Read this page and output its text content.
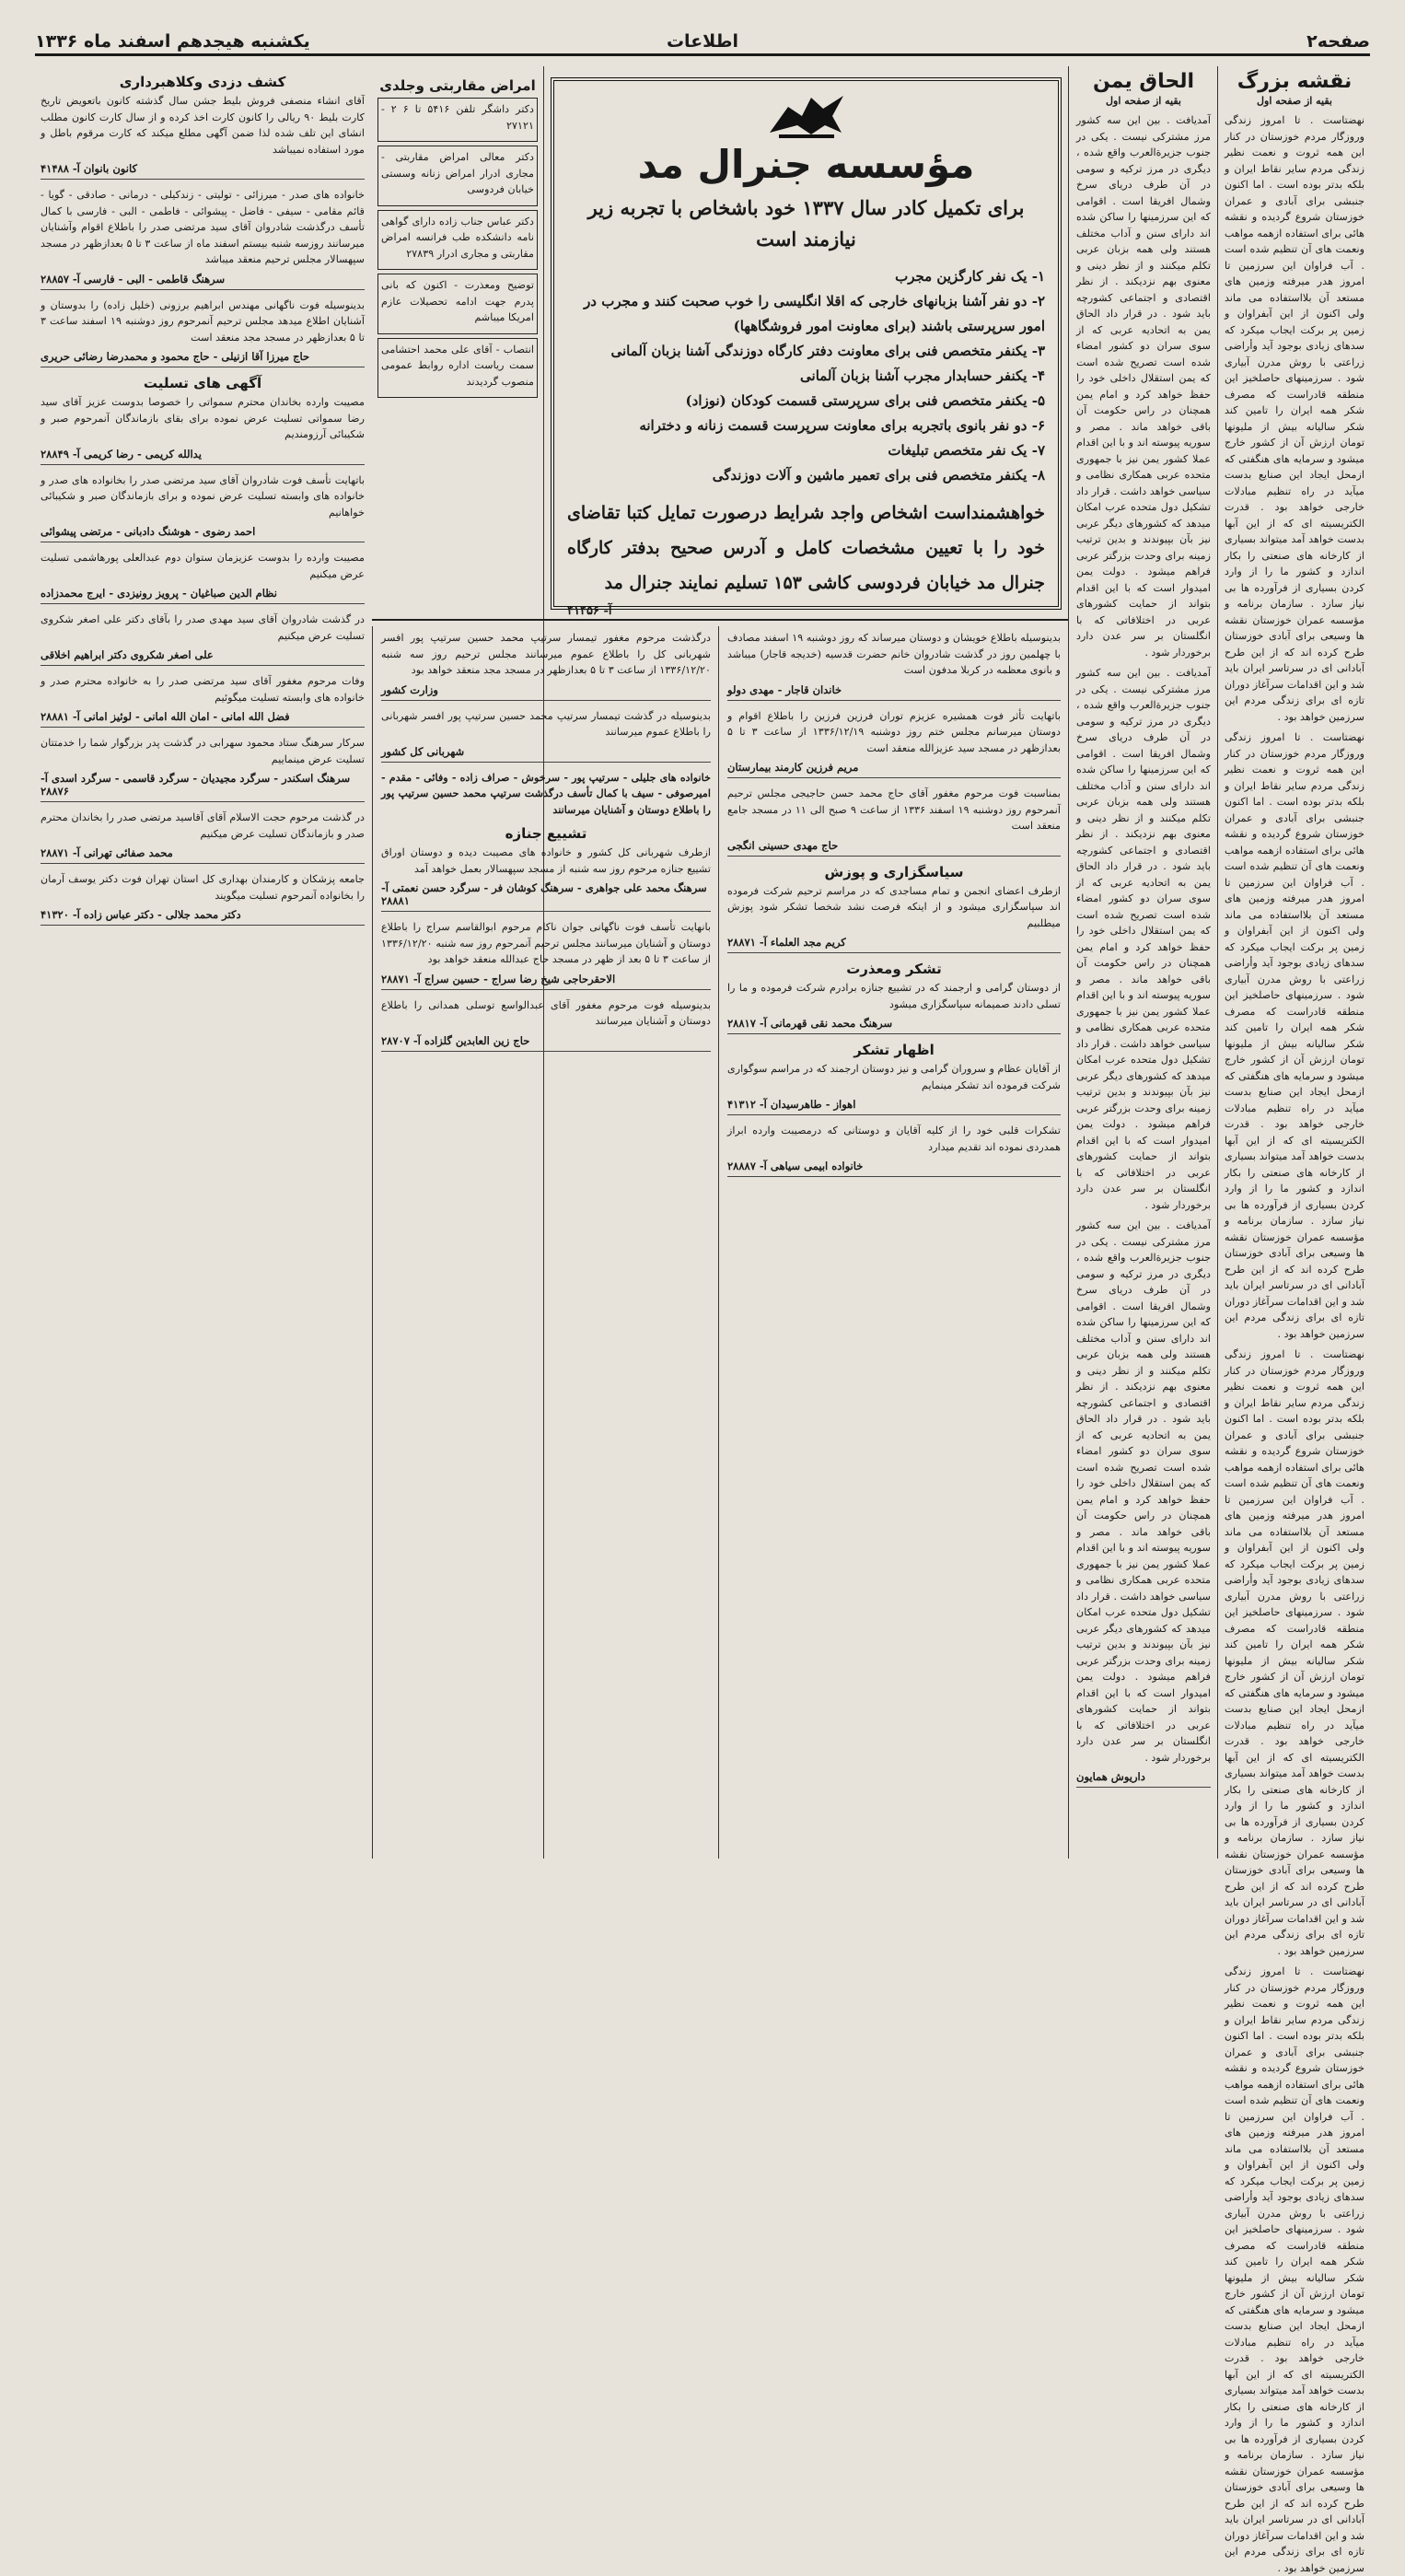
صفحه۲
اطلاعات
یکشنبه هیجدهم اسفند ماه ۱۳۳۶
نقشه بزرگ
بقیه از صفحه اول

نهضتاست . تا امروز زندگی وروزگار مردم خوزستان در کنار این همه ثروت و نعمت نظیر زندگی مردم سایر نقاط ایران و بلکه بدتر بوده است . اما اکنون جنبشی برای آبادی و عمران خوزستان شروع گردیده و نقشه هائی برای استفاده ازهمه مواهب ونعمت های آن تنظیم شده است . آب فراوان این سرزمین تا امروز هدر میرفته وزمین های مستعد آن بلااستفاده می ماند ولی اکنون از این آبفراوان و زمین پر برکت ایجاب میکرد که سدهای زیادی بوجود آید وأراضی زراعتی با روش مدرن آبیاری شود . سرزمینهای حاصلخیز این منطقه قادراست که مصرف شکر همه ایران را تامین کند شکر سالیانه بیش از ملیونها تومان ارزش آن از کشور خارج میشود و سرمایه های هنگفتی که ازمحل ایجاد این صنایع بدست میآید در راه تنظیم مبادلات خارجی خواهد بود . قدرت الکتریسیته ای که از این آبها بدست خواهد آمد میتواند بسیاری از کارخانه های صنعتی را بکار اندازد و کشور ما را از وارد کردن بسیاری از فرآورده ها بی نیاز سازد . سازمان برنامه و مؤسسه عمران خوزستان نقشه ها وسیعی برای آبادی خوزستان طرح کرده اند که از این طرح آبادانی ای در سرتاسر ایران باید شد و این اقدامات سرآغاز دوران تازه ای برای زندگی مردم این سرزمین خواهد بود .

نهضتاست . تا امروز زندگی وروزگار مردم خوزستان در کنار این همه ثروت و نعمت نظیر زندگی مردم سایر نقاط ایران و بلکه بدتر بوده است . اما اکنون جنبشی برای آبادی و عمران خوزستان شروع گردیده و نقشه هائی برای استفاده ازهمه مواهب ونعمت های آن تنظیم شده است . آب فراوان این سرزمین تا امروز هدر میرفته وزمین های مستعد آن بلااستفاده می ماند ولی اکنون از این آبفراوان و زمین پر برکت ایجاب میکرد که سدهای زیادی بوجود آید وأراضی زراعتی با روش مدرن آبیاری شود . سرزمینهای حاصلخیز این منطقه قادراست که مصرف شکر همه ایران را تامین کند شکر سالیانه بیش از ملیونها تومان ارزش آن از کشور خارج میشود و سرمایه های هنگفتی که ازمحل ایجاد این صنایع بدست میآید در راه تنظیم مبادلات خارجی خواهد بود . قدرت الکتریسیته ای که از این آبها بدست خواهد آمد میتواند بسیاری از کارخانه های صنعتی را بکار اندازد و کشور ما را از وارد کردن بسیاری از فرآورده ها بی نیاز سازد . سازمان برنامه و مؤسسه عمران خوزستان نقشه ها وسیعی برای آبادی خوزستان طرح کرده اند که از این طرح آبادانی ای در سرتاسر ایران باید شد و این اقدامات سرآغاز دوران تازه ای برای زندگی مردم این سرزمین خواهد بود .

نهضتاست . تا امروز زندگی وروزگار مردم خوزستان در کنار این همه ثروت و نعمت نظیر زندگی مردم سایر نقاط ایران و بلکه بدتر بوده است . اما اکنون جنبشی برای آبادی و عمران خوزستان شروع گردیده و نقشه هائی برای استفاده ازهمه مواهب ونعمت های آن تنظیم شده است . آب فراوان این سرزمین تا امروز هدر میرفته وزمین های مستعد آن بلااستفاده می ماند ولی اکنون از این آبفراوان و زمین پر برکت ایجاب میکرد که سدهای زیادی بوجود آید وأراضی زراعتی با روش مدرن آبیاری شود . سرزمینهای حاصلخیز این منطقه قادراست که مصرف شکر همه ایران را تامین کند شکر سالیانه بیش از ملیونها تومان ارزش آن از کشور خارج میشود و سرمایه های هنگفتی که ازمحل ایجاد این صنایع بدست میآید در راه تنظیم مبادلات خارجی خواهد بود . قدرت الکتریسیته ای که از این آبها بدست خواهد آمد میتواند بسیاری از کارخانه های صنعتی را بکار اندازد و کشور ما را از وارد کردن بسیاری از فرآورده ها بی نیاز سازد . سازمان برنامه و مؤسسه عمران خوزستان نقشه ها وسیعی برای آبادی خوزستان طرح کرده اند که از این طرح آبادانی ای در سرتاسر ایران باید شد و این اقدامات سرآغاز دوران تازه ای برای زندگی مردم این سرزمین خواهد بود .

نهضتاست . تا امروز زندگی وروزگار مردم خوزستان در کنار این همه ثروت و نعمت نظیر زندگی مردم سایر نقاط ایران و بلکه بدتر بوده است . اما اکنون جنبشی برای آبادی و عمران خوزستان شروع گردیده و نقشه هائی برای استفاده ازهمه مواهب ونعمت های آن تنظیم شده است . آب فراوان این سرزمین تا امروز هدر میرفته وزمین های مستعد آن بلااستفاده می ماند ولی اکنون از این آبفراوان و زمین پر برکت ایجاب میکرد که سدهای زیادی بوجود آید وأراضی زراعتی با روش مدرن آبیاری شود . سرزمینهای حاصلخیز این منطقه قادراست که مصرف شکر همه ایران را تامین کند شکر سالیانه بیش از ملیونها تومان ارزش آن از کشور خارج میشود و سرمایه های هنگفتی که ازمحل ایجاد این صنایع بدست میآید در راه تنظیم مبادلات خارجی خواهد بود . قدرت الکتریسیته ای که از این آبها بدست خواهد آمد میتواند بسیاری از کارخانه های صنعتی را بکار اندازد و کشور ما را از وارد کردن بسیاری از فرآورده ها بی نیاز سازد . سازمان برنامه و مؤسسه عمران خوزستان نقشه ها وسیعی برای آبادی خوزستان طرح کرده اند که از این طرح آبادانی ای در سرتاسر ایران باید شد و این اقدامات سرآغاز دوران تازه ای برای زندگی مردم این سرزمین خواهد بود .

الحاق یمن
بقیه از صفحه اول

آمدیافت . بین این سه کشور مرز مشترکی نیست . یکی در جنوب جزیرةالعرب واقع شده ، دیگری در مرز ترکیه و سومی در آن طرف دریای سرخ وشمال افریقا است . اقوامی که این سرزمینها را ساکن شده اند دارای سنن و آداب مختلف هستند ولی همه بزبان عربی تکلم میکنند و از نظر دینی و معنوی بهم نزدیکند . از نظر اقتصادی و اجتماعی کشورچه باید شود . در قرار داد الحاق یمن به اتحادیه عربی که از سوی سران دو کشور امضاء شده است تصریح شده است که یمن استقلال داخلی خود را حفظ خواهد کرد و امام یمن همچنان در راس حکومت آن باقی خواهد ماند . مصر و سوریه پیوسته اند و با این اقدام عملا کشور یمن نیز با جمهوری متحده عربی همکاری نظامی و سیاسی خواهد داشت . قرار داد تشکیل دول متحده عرب امکان میدهد که کشورهای دیگر عربی نیز بآن بپیوندند و بدین ترتیب زمینه برای وحدت بزرگتر عربی فراهم میشود . دولت یمن امیدوار است که با این اقدام بتواند از حمایت کشورهای عربی در اختلافاتی که با انگلستان بر سر عدن دارد برخوردار شود .

آمدیافت . بین این سه کشور مرز مشترکی نیست . یکی در جنوب جزیرةالعرب واقع شده ، دیگری در مرز ترکیه و سومی در آن طرف دریای سرخ وشمال افریقا است . اقوامی که این سرزمینها را ساکن شده اند دارای سنن و آداب مختلف هستند ولی همه بزبان عربی تکلم میکنند و از نظر دینی و معنوی بهم نزدیکند . از نظر اقتصادی و اجتماعی کشورچه باید شود . در قرار داد الحاق یمن به اتحادیه عربی که از سوی سران دو کشور امضاء شده است تصریح شده است که یمن استقلال داخلی خود را حفظ خواهد کرد و امام یمن همچنان در راس حکومت آن باقی خواهد ماند . مصر و سوریه پیوسته اند و با این اقدام عملا کشور یمن نیز با جمهوری متحده عربی همکاری نظامی و سیاسی خواهد داشت . قرار داد تشکیل دول متحده عرب امکان میدهد که کشورهای دیگر عربی نیز بآن بپیوندند و بدین ترتیب زمینه برای وحدت بزرگتر عربی فراهم میشود . دولت یمن امیدوار است که با این اقدام بتواند از حمایت کشورهای عربی در اختلافاتی که با انگلستان بر سر عدن دارد برخوردار شود .

آمدیافت . بین این سه کشور مرز مشترکی نیست . یکی در جنوب جزیرةالعرب واقع شده ، دیگری در مرز ترکیه و سومی در آن طرف دریای سرخ وشمال افریقا است . اقوامی که این سرزمینها را ساکن شده اند دارای سنن و آداب مختلف هستند ولی همه بزبان عربی تکلم میکنند و از نظر دینی و معنوی بهم نزدیکند . از نظر اقتصادی و اجتماعی کشورچه باید شود . در قرار داد الحاق یمن به اتحادیه عربی که از سوی سران دو کشور امضاء شده است تصریح شده است که یمن استقلال داخلی خود را حفظ خواهد کرد و امام یمن همچنان در راس حکومت آن باقی خواهد ماند . مصر و سوریه پیوسته اند و با این اقدام عملا کشور یمن نیز با جمهوری متحده عربی همکاری نظامی و سیاسی خواهد داشت . قرار داد تشکیل دول متحده عرب امکان میدهد که کشورهای دیگر عربی نیز بآن بپیوندند و بدین ترتیب زمینه برای وحدت بزرگتر عربی فراهم میشود . دولت یمن امیدوار است که با این اقدام بتواند از حمایت کشورهای عربی در اختلافاتی که با انگلستان بر سر عدن دارد برخوردار شود .

داریوش همایون
امراض مقاربتی وجلدی

دکتر داشگر تلفن ۵۴۱۶ تا ۶ ۲ - ۲۷۱۲۱

دکتر معالی امراض مقاربتی - مجاری ادرار امراض زنانه وسستی خیابان فردوسی

دکتر عباس جناب زاده دارای گواهی نامه دانشکده طب فرانسه امراض مقاربتی و مجاری ادرار ۲۷۸۳۹

توضیح ومعذرت - اکنون که بانی پدرم جهت ادامه تحصیلات عازم امریکا میباشم

انتصاب - آقای علی محمد احتشامی سمت ریاست اداره روابط عمومی منصوب گردیدند

مؤسسه جنرال مد
برای تکمیل کادر سال ۱۳۳۷ خود باشخاص با تجربه زیر نیازمند است
۱- یک نفر کارگزین مجرب
۲- دو نفر آشنا بزبانهای خارجی که اقلا انگلیسی را خوب صحبت کنند و مجرب در امور سرپرستی باشند (برای معاونت امور فروشگاهها)
۳- یکنفر متخصص فنی برای معاونت دفتر کارگاه دوزندگی آشنا بزبان آلمانی
۴- یکنفر حسابدار مجرب آشنا بزبان آلمانی
۵- یکنفر متخصص فنی برای سرپرستی قسمت کودکان (نوزاد)
۶- دو نفر بانوی باتجربه برای معاونت سرپرست قسمت زنانه و دخترانه
۷- یک نفر متخصص تبلیغات
۸- یکنفر متخصص فنی برای تعمیر ماشین و آلات دوزندگی
خواهشمنداست اشخاص واجد شرایط درصورت تمایل کتبا تقاضای خود را با تعیین مشخصات کامل و آدرس صحیح بدفتر کارگاه جنرال مد خیابان فردوسی کاشی ۱۵۳ تسلیم نمایند جنرال مد
آ- ۴۱۴۵۶
کشف دزدی وکلاهبرداری

آقای انشاء منصفی فروش بلیط جشن سال گذشته کانون باتعویض تاریخ کارت بلیط ۹۰ ریالی را کانون کارت اخذ کرده و از سال کارت کانون مطلب انشای این تلف شده لذا ضمن آگهی مطلع میکند که کارت مرقوم باطل و مورد استفاده نمیباشد

کانون بانوان آ- ۴۱۴۸۸

خانواده های صدر - میرزائی - تولیتی - زندکیلی - درمانی - صادقی - گویا - قائم مقامی - سیفی - فاضل - پیشوائی - فاطمی - البی - فارسی با کمال تأسف درگذشت شادروان آقای سید مرتضی صدر را باطلاع اقوام وآشنایان میرسانند روزسه شنبه بیستم اسفند ماه از ساعت ۳ تا ۵ بعدازظهر در مسجد سپهسالار مجلس ترحیم منعقد میباشد

سرهنگ قاطمی - البی - فارسی آ- ۲۸۸۵۷

بدینوسیله فوت ناگهانی مهندس ابراهیم برزونی (خلیل زاده) را بدوستان و آشنایان اطلاع میدهد مجلس ترحیم آنمرحوم روز دوشنبه ۱۹ اسفند ساعت ۳ تا ۵ بعدازظهر در مسجد مجد منعقد است

حاج میرزا آقا ازنیلی - حاج محمود و محمدرضا رضائی حریری
آگهی های تسلیت

مصیبت وارده بخاندان محترم سمواتی را خصوصا بدوست عزیز آقای سید رضا سمواتی تسلیت عرض نموده برای بقای بازماندگان آنمرحوم صبر و شکیبائی آرزومندیم

یدالله کریمی - رضا کریمی آ- ۲۸۸۴۹

باتهایت تأسف فوت شادروان آقای سید مرتضی صدر را بخانواده های صدر و خانواده های وابسته تسلیت عرض نموده و برای بازماندگان صبر و شکیبائی خواهانیم

احمد رضوی - هوشنگ دادبانی - مرتضی پیشوائی

مصیبت وارده را بدوست عزیزمان ستوان دوم عبدالعلی پورهاشمی تسلیت عرض میکنیم

نظام الدین صباغیان - پرویز رونیزدی - ایرج محمدزاده

در گذشت شادروان آقای سید مهدی صدر را بآقای دکتر علی اصغر شکروی تسلیت عرض میکنیم

علی اصغر شکروی دکتر ابراهیم اخلاقی

وفات مرحوم مغفور آقای سید مرتضی صدر را به خانواده محترم صدر و خانواده های وابسته تسلیت میگوئیم

فضل الله امانی - امان الله امانی - لوئیز امانی آ- ۲۸۸۸۱

سرکار سرهنگ ستاد محمود سهرابی در گذشت پدر بزرگوار شما را خدمتتان تسلیت عرض مینماییم

سرهنگ اسکندر - سرگرد مجیدیان - سرگرد قاسمی - سرگرد اسدی آ- ۲۸۸۷۶

در گذشت مرحوم حجت الاسلام آقای آقاسید مرتضی صدر را بخاندان محترم صدر و بازماندگان تسلیت عرض میکنیم

محمد صفائی تهرانی آ- ۲۸۸۷۱

جامعه پزشکان و کارمندان بهداری کل استان تهران فوت دکتر یوسف آرمان را بخانواده آنمرحوم تسلیت میگویند

دکتر محمد جلالی - دکتر عباس زاده آ- ۴۱۳۲۰

درگذشت مرحوم مغفور تیمسار سرتیپ محمد حسین سرتیپ پور افسر شهربانی کل را باطلاع عموم میرسانند مجلس ترحیم روز سه شنبه ۱۳۳۶/۱۲/۲۰ از ساعت ۳ تا ۵ بعدازظهر در مسجد مجد منعقد خواهد بود

وزارت کشور

بدینوسیله در گذشت تیمسار سرتیپ محمد حسین سرتیپ پور افسر شهربانی را باطلاع عموم میرسانند

شهربانی کل کشور

خانواده های جلیلی - سرتیپ پور - سرخوش - صراف زاده - وفائی - مقدم - امیرصوفی - سیف با کمال تأسف درگذشت سرتیپ محمد حسین سرتیپ پور را باطلاع دوستان و آشنایان میرسانند

تشییع جنازه

ازطرف شهربانی کل کشور و خانواده های مصیبت دیده و دوستان اوراق تشییع جنازه مرحوم روز سه شنبه از مسجد سپهسالار بعمل خواهد آمد

سرهنگ محمد علی جواهری - سرهنگ کوشان فر - سرگرد حسن نعمتی آ- ۲۸۸۸۱

بانهایت تأسف فوت ناگهانی جوان ناکام مرحوم ابوالقاسم سراج را باطلاع دوستان و آشنایان میرسانند مجلس ترحیم آنمرحوم روز سه شنبه ۱۳۳۶/۱۲/۲۰ از ساعت ۳ تا ۵ بعد از ظهر در مسجد حاج عبدالله منعقد خواهد بود

الاحقرحاجی شیخ رضا سراج - حسین سراج آ- ۲۸۸۷۱

بدینوسیله فوت مرحوم مغفور آقای عبدالواسع توسلی همدانی را باطلاع دوستان و آشنایان میرسانند

حاج زین العابدین گلزاده آ- ۲۸۷۰۷

بدینوسیله باطلاع خویشان و دوستان میرساند که روز دوشنبه ۱۹ اسفند مصادف با چهلمین روز در گذشت شادروان خانم حضرت قدسیه (خدیجه قاجار) میباشد و بانوی معظمه در کربلا مدفون است

خاندان قاجار - مهدی دولو

باتهایت تأثر فوت همشیره عزیزم توران فرزین فرزین را باطلاع اقوام و دوستان میرسانم مجلس ختم روز دوشنبه ۱۳۳۶/۱۲/۱۹ از ساعت ۳ تا ۵ بعدازظهر در مسجد سید عزیزالله منعقد است

مریم فرزین کارمند بیمارستان

بمناسبت فوت مرحوم مغفور آقای حاج محمد حسن حاجیجی مجلس ترحیم آنمرحوم روز دوشنبه ۱۹ اسفند ۱۳۳۶ از ساعت ۹ صبح الی ۱۱ در مسجد جامع منعقد است

حاج مهدی حسینی انگجی
سیاسگزاری و پوزش

ازطرف اعضای انجمن و تمام مساجدی که در مراسم ترحیم شرکت فرموده اند سپاسگزاری میشود و از اینکه فرصت نشد شخصا تشکر شود پوزش میطلبیم

کریم مجد العلماء آ- ۲۸۸۷۱
تشکر ومعذرت

از دوستان گرامی و ارجمند که در تشییع جنازه برادرم شرکت فرموده و ما را تسلی دادند صمیمانه سپاسگزاری میشود

سرهنگ محمد نقی قهرمانی آ- ۲۸۸۱۷
اظهار تشکر

از آقایان عظام و سروران گرامی و نیز دوستان ارجمند که در مراسم سوگواری شرکت فرموده اند تشکر مینمایم

اهواز - طاهرسیدان آ- ۴۱۳۱۲

تشکرات قلبی خود را از کلیه آقایان و دوستانی که درمصیبت وارده ابراز همدردی نموده اند تقدیم میدارد

خانواده ابیمی سیاهی آ- ۲۸۸۸۷
